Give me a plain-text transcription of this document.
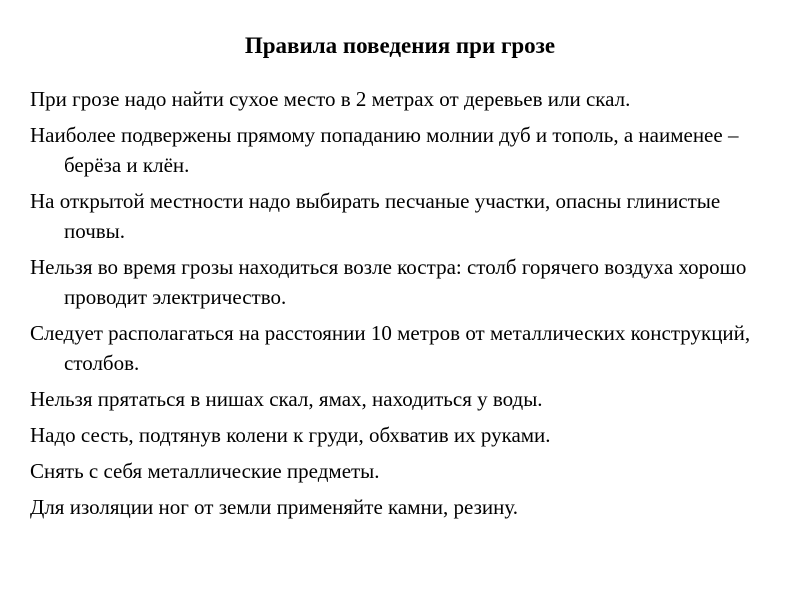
Правила поведения при грозе
При грозе надо найти сухое место в 2 метрах от деревьев или скал.
Наиболее подвержены прямому попаданию молнии дуб и тополь, а наименее – берёза и клён.
На открытой местности надо выбирать песчаные участки, опасны глинистые почвы.
Нельзя во время грозы находиться возле костра: столб горячего воздуха хорошо проводит электричество.
Следует располагаться на расстоянии 10 метров от металлических конструкций, столбов.
Нельзя прятаться в нишах скал, ямах, находиться у воды.
Надо сесть, подтянув колени к груди, обхватив их руками.
Снять с себя металлические предметы.
Для изоляции ног от земли применяйте камни, резину.
